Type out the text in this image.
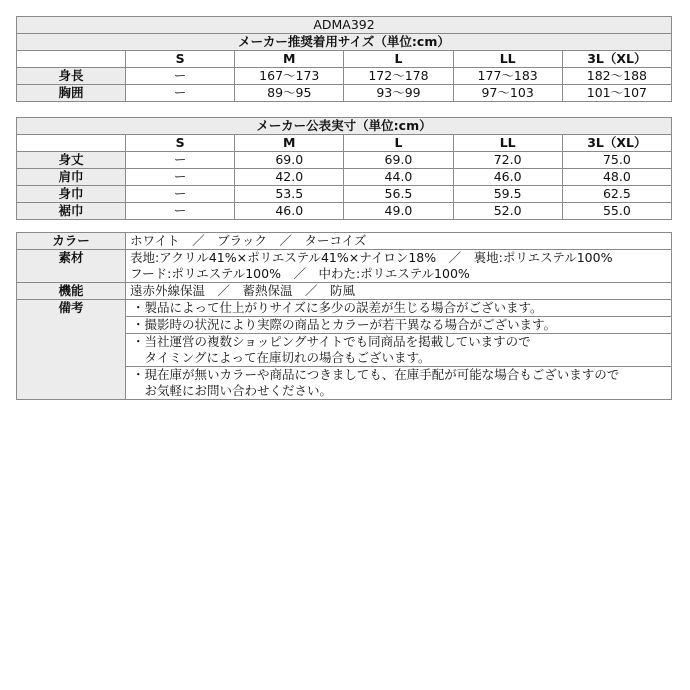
ADMA392					
メーカー推奨着用サイズ（単位:cm）					
	S	M	L	LL	3L（XL）
身長	ー	167〜173	172〜178	177〜183	182〜188
胸囲	ー	89〜95	93〜99	97〜103	101〜107
メーカー公表実寸（単位:cm）					
	S	M	L	LL	3L（XL）
身丈	ー	69.0	69.0	72.0	75.0
肩巾	ー	42.0	44.0	46.0	48.0
身巾	ー	53.5	56.5	59.5	62.5
裾巾	ー	46.0	49.0	52.0	55.0
カラー	ホワイト　／　ブラック　／　ターコイズ
素材	表地:アクリル41%×ポリエステル41%×ナイロン18%　／　裏地:ポリエステル100%
	フード:ポリエステル100%　／　中わた:ポリエステル100%
機能	遠赤外線保温　／　蓄熱保温　／　防風
備考	・製品によって仕上がりサイズに多少の誤差が生じる場合がございます。
	・撮影時の状況により実際の商品とカラーが若干異なる場合がございます。
	・当社運営の複数ショッピングサイトでも同商品を掲載していますので
	　タイミングによって在庫切れの場合もございます。
	・現在庫が無いカラーや商品につきましても、在庫手配が可能な場合もございますので
	　お気軽にお問い合わせください。
